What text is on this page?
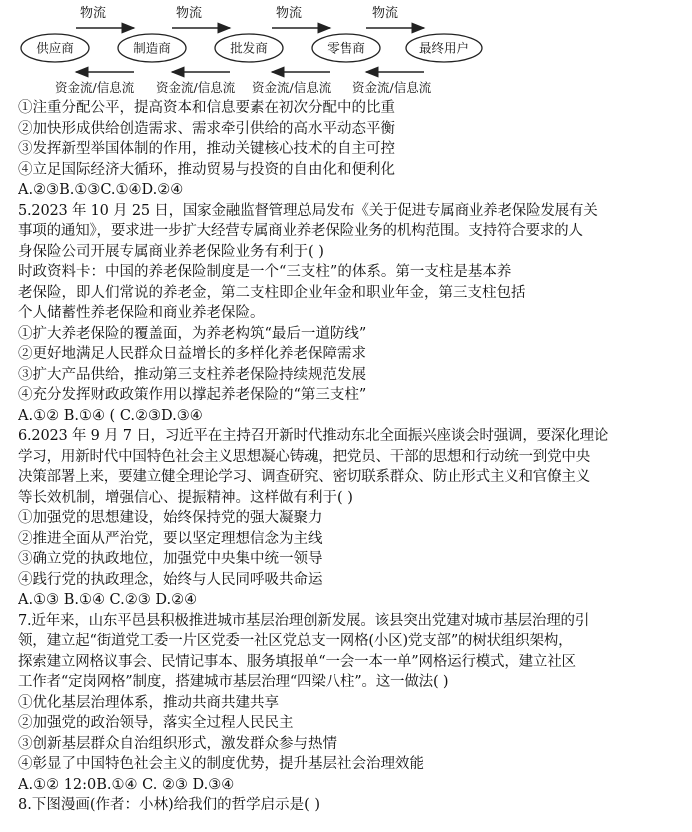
物流	物流	物流	物流
供应商	制造商	批发商	零售商	最终用户
资金流/信息流 资金流/信息流 资金流/信息流 资金流/信息流
①注重分配公平，提高资本和信息要素在初次分配中的比重
②加快形成供给创造需求、需求牵引供给的高水平动态平衡
③发挥新型举国体制的作用，推动关键核心技术的自主可控
④立足国际经济大循环，推动贸易与投资的自由化和便利化
A.②③B.①③C.①④D.②④
5.2023 年 10 月 25 日，国家金融监督管理总局发布《关于促进专属商业养老保险发展有关
事项的通知》，要求进一步扩大经营专属商业养老保险业务的机构范围。支持符合要求的人
身保险公司开展专属商业养老保险业务有利于( )
时政资料卡：中国的养老保险制度是一个“三支柱”的体系。第一支柱是基本养
老保险，即人们常说的养老金，第二支柱即企业年金和职业年金，第三支柱包括
个人储蓄性养老保险和商业养老保险。
①扩大养老保险的覆盖面，为养老构筑“最后一道防线”
②更好地满足人民群众日益增长的多样化养老保障需求
③扩大产品供给，推动第三支柱养老保险持续规范发展
④充分发挥财政政策作用以撑起养老保险的“第三支柱”
A.①② B.①④ ( C.②③D.③④
6.2023 年 9 月 7 日，习近平在主持召开新时代推动东北全面振兴座谈会时强调，要深化理论
学习，用新时代中国特色社会主义思想凝心铸魂，把党员、干部的思想和行动统一到党中央
决策部署上来，要建立健全理论学习、调查研究、密切联系群众、防止形式主义和官僚主义
等长效机制，增强信心、提振精神。这样做有利于( )
①加强党的思想建设，始终保持党的强大凝聚力
②推进全面从严治党，要以坚定理想信念为主线
③确立党的执政地位，加强党中央集中统一领导
④践行党的执政理念，始终与人民同呼吸共命运
A.①③ B.①④ C.②③ D.②④
7.近年来，山东平邑县积极推进城市基层治理创新发展。该县突出党建对城市基层治理的引
领，建立起“街道党工委一片区党委一社区党总支一网格(小区)党支部”的树状组织架构，
探索建立网格议事会、民情记事本、服务填报单“一会一本一单”网格运行模式，建立社区
工作者“定岗网格”制度，搭建城市基层治理“四梁八柱”。这一做法( )
①优化基层治理体系，推动共商共建共享
②加强党的政治领导，落实全过程人民民主
③创新基层群众自治组织形式，激发群众参与热情
④彰显了中国特色社会主义的制度优势，提升基层社会治理效能
A.①② 12:0B.①④ C. ②③ D.③④
8.下图漫画(作者：小林)给我们的哲学启示是( )
